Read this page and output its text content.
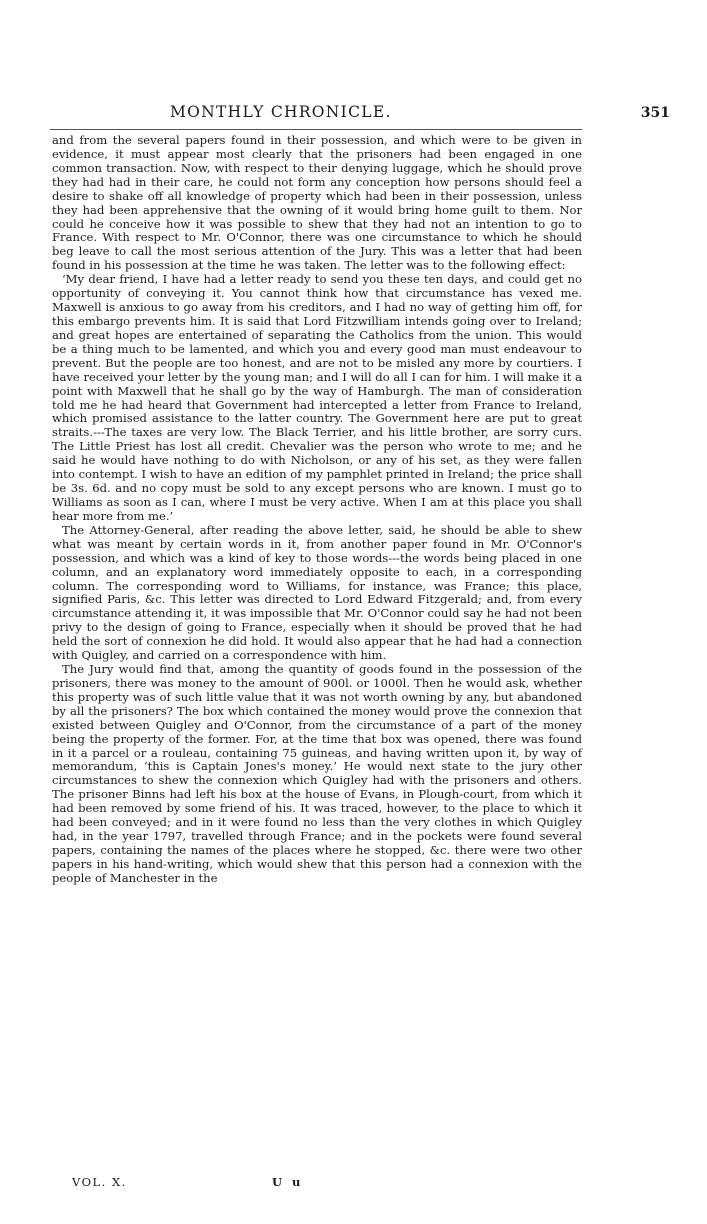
MONTHLY CHRONICLE.	351

and from the several papers found in their possession, and which were to be given in evidence, it must appear most clearly that the prisoners had been engaged in one common transaction. Now, with respect to their denying luggage, which he should prove they had had in their care, he could not form any conception how persons should feel a desire to shake off all knowledge of property which had been in their possession, unless they had been apprehensive that the owning of it would bring home guilt to them. Nor could he conceive how it was possible to shew that they had not an intention to go to France. With respect to Mr. O'Connor, there was one circumstance to which he should beg leave to call the most serious attention of the Jury. This was a letter that had been found in his possession at the time he was taken. The letter was to the following effect:

‘My dear friend, I have had a letter ready to send you these ten days, and could get no opportunity of conveying it. You cannot think how that circumstance has vexed me. Maxwell is anxious to go away from his creditors, and I had no way of getting him off, for this embargo prevents him. It is said that Lord Fitzwilliam intends going over to Ireland; and great hopes are entertained of separating the Catholics from the union. This would be a thing much to be lamented, and which you and every good man must endeavour to prevent. But the people are too honest, and are not to be misled any more by courtiers. I have received your letter by the young man; and I will do all I can for him. I will make it a point with Maxwell that he shall go by the way of Hamburgh. The man of consideration told me he had heard that Government had intercepted a letter from France to Ireland, which promised assistance to the latter country. The Government here are put to great straits.---The taxes are very low. The Black Terrier, and his little brother, are sorry curs. The Little Priest has lost all credit. Chevalier was the person who wrote to me; and he said he would have nothing to do with Nicholson, or any of his set, as they were fallen into contempt. I wish to have an edition of my pamphlet printed in Ireland; the price shall be 3s. 6d. and no copy must be sold to any except persons who are known. I must go to Williams as soon as I can, where I must be very active. When I am at this place you shall hear more from me.’

The Attorney-General, after reading the above letter, said, he should be able to shew what was meant by certain words in it, from another paper found in Mr. O'Connor's possession, and which was a kind of key to those words---the words being placed in one column, and an explanatory word immediately opposite to each, in a corresponding column. The corresponding word to Williams, for instance, was France; this place, signified Paris, &c. This letter was directed to Lord Edward Fitzgerald; and, from every circumstance attending it, it was impossible that Mr. O'Connor could say he had not been privy to the design of going to France, especially when it should be proved that he had held the sort of connexion he did hold. It would also appear that he had had a connection with Quigley, and carried on a correspondence with him.

The Jury would find that, among the quantity of goods found in the possession of the prisoners, there was money to the amount of 900l. or 1000l. Then he would ask, whether this property was of such little value that it was not worth owning by any, but abandoned by all the prisoners? The box which contained the money would prove the connexion that existed between Quigley and O'Connor, from the circumstance of a part of the money being the property of the former. For, at the time that box was opened, there was found in it a parcel or a rouleau, containing 75 guineas, and having written upon it, by way of memorandum, ‘this is Captain Jones's money.’ He would next state to the jury other circumstances to shew the connexion which Quigley had with the prisoners and others. The prisoner Binns had left his box at the house of Evans, in Plough-court, from which it had been removed by some friend of his. It was traced, however, to the place to which it had been conveyed; and in it were found no less than the very clothes in which Quigley had, in the year 1797, travelled through France; and in the pockets were found several papers, containing the names of the places where he stopped, &c. there were two other papers in his hand-writing, which would shew that this person had a connexion with the people of Manchester in the

VOL. X.	U u
